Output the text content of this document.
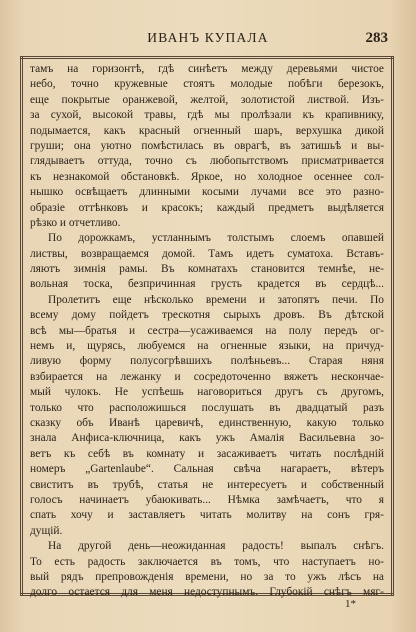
ИВАНЪ КУПАЛА	283
тамъ на горизонтѣ, гдѣ синѣетъ между деревьями чистое
небо, точно кружевные стоятъ молодые побѣги березокъ,
еще покрытые оранжевой, желтой, золотистой листвой. Изъ-
за сухой, высокой травы, гдѣ мы пролѣзали къ крапивнику,
подымается, какъ красный огненный шаръ, верхушка дикой
груши; она уютно помѣстилась въ оврагѣ, въ затишьѣ и вы-
глядываетъ оттуда, точно съ любопытствомъ присматривается
къ незнакомой обстановкѣ. Яркое, но холодное осеннее сол-
нышко освѣщаетъ длинными косыми лучами все это разно-
образіе оттѣнковъ и красокъ; каждый предметъ выдѣляется
рѣзко и отчетливо.
По дорожкамъ, устланнымъ толстымъ слоемъ опавшей
листвы, возвращаемся домой. Тамъ идетъ суматоха. Вставъ-
ляютъ зимнія рамы. Въ комнатахъ становится темнѣе, не-
вольная тоска, безпричинная грусть крадется въ сердцѣ...
Пролетитъ еще нѣсколько времени и затопятъ печи. По
всему дому пойдетъ трескотня сырыхъ дровъ. Въ дѣтской
всѣ мы—братья и сестра—усаживаемся на полу передъ ог-
немъ и, щурясь, любуемся на огненные языки, на причуд-
ливую форму полусогрѣвшихъ полѣньевъ... Старая няня
взбирается на лежанку и сосредоточенно вяжетъ нескончае-
мый чулокъ. Не успѣешь наговориться другъ съ другомъ,
только что расположишься послушать въ двадцатый разъ
сказку объ Иванѣ царевичѣ, единственную, какую только
знала Анфиса-ключница, какъ ужъ Амалія Васильевна зо-
ветъ къ себѣ въ комнату и засаживаетъ читать послѣдній
номеръ „Gartenlaube“. Сальная свѣча нагараетъ, вѣтеръ
свиститъ въ трубѣ, статья не интересуетъ и собственный
голосъ начинаетъ убаюкивать... Нѣмка замѣчаетъ, что я
спать хочу и заставляетъ читать молитву на сонъ гря-
дущій.
На другой день—неожиданная радость! выпалъ снѣгъ.
То есть радость заключается въ томъ, что наступаетъ но-
вый рядъ препровожденія времени, но за то ужъ лѣсъ на
долго остается для меня недоступнымъ. Глубокій снѣгъ мяг-
1*
